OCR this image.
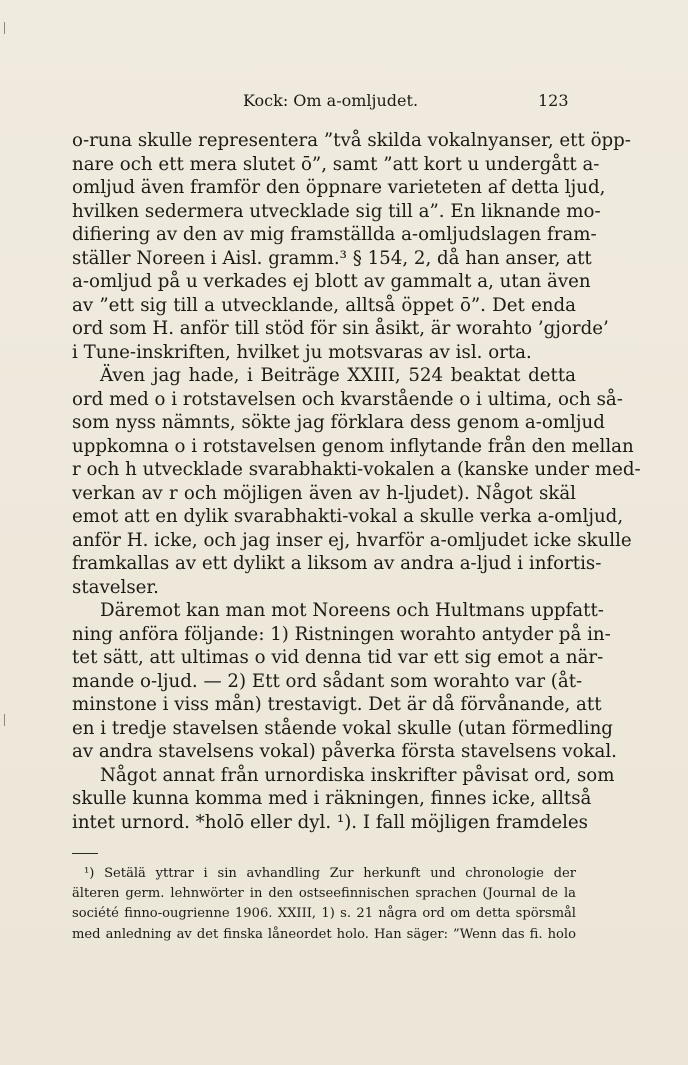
Kock: Om a-omljudet.	123

o-runa skulle representera ”två skilda vokalnyanser, ett öpp-
nare och ett mera slutet ō”, samt ”att kort u undergått a-
omljud även framför den öppnare varieteten af detta ljud,
hvilken sedermera utvecklade sig till a”. En liknande mo-
difiering av den av mig framställda a-omljudslagen fram-
ställer Noreen i Aisl. gramm.³ § 154, 2, då han anser, att
a-omljud på u verkades ej blott av gammalt a, utan även
av ”ett sig till a utvecklande, alltså öppet ō”. Det enda
ord som H. anför till stöd för sin åsikt, är worahto ’gjorde’
i Tune-inskriften, hvilket ju motsvaras av isl. orta.

Även jag hade, i Beiträge XXIII, 524 beaktat detta
ord med o i rotstavelsen och kvarstående o i ultima, och så-
som nyss nämnts, sökte jag förklara dess genom a-omljud
uppkomna o i rotstavelsen genom inflytande från den mellan
r och h utvecklade svarabhakti-vokalen a (kanske under med-
verkan av r och möjligen även av h-ljudet). Något skäl
emot att en dylik svarabhakti-vokal a skulle verka a-omljud,
anför H. icke, och jag inser ej, hvarför a-omljudet icke skulle
framkallas av ett dylikt a liksom av andra a-ljud i infortis-
stavelser.

Däremot kan man mot Noreens och Hultmans uppfatt-
ning anföra följande: 1) Ristningen worahto antyder på in-
tet sätt, att ultimas o vid denna tid var ett sig emot a när-
mande o-ljud. — 2) Ett ord sådant som worahto var (åt-
minstone i viss mån) trestavigt. Det är då förvånande, att
en i tredje stavelsen stående vokal skulle (utan förmedling
av andra stavelsens vokal) påverka första stavelsens vokal.

Något annat från urnordiska inskrifter påvisat ord, som
skulle kunna komma med i räkningen, finnes icke, alltså
intet urnord. *holō eller dyl. ¹). I fall möjligen framdeles

¹) Setälä yttrar i sin avhandling Zur herkunft und chronologie der
älteren germ. lehnwörter in den ostseefinnischen sprachen (Journal de la
société finno-ougrienne 1906. XXIII, 1) s. 21 några ord om detta spörsmål
med anledning av det finska låneordet holo. Han säger: ”Wenn das fi. holo
